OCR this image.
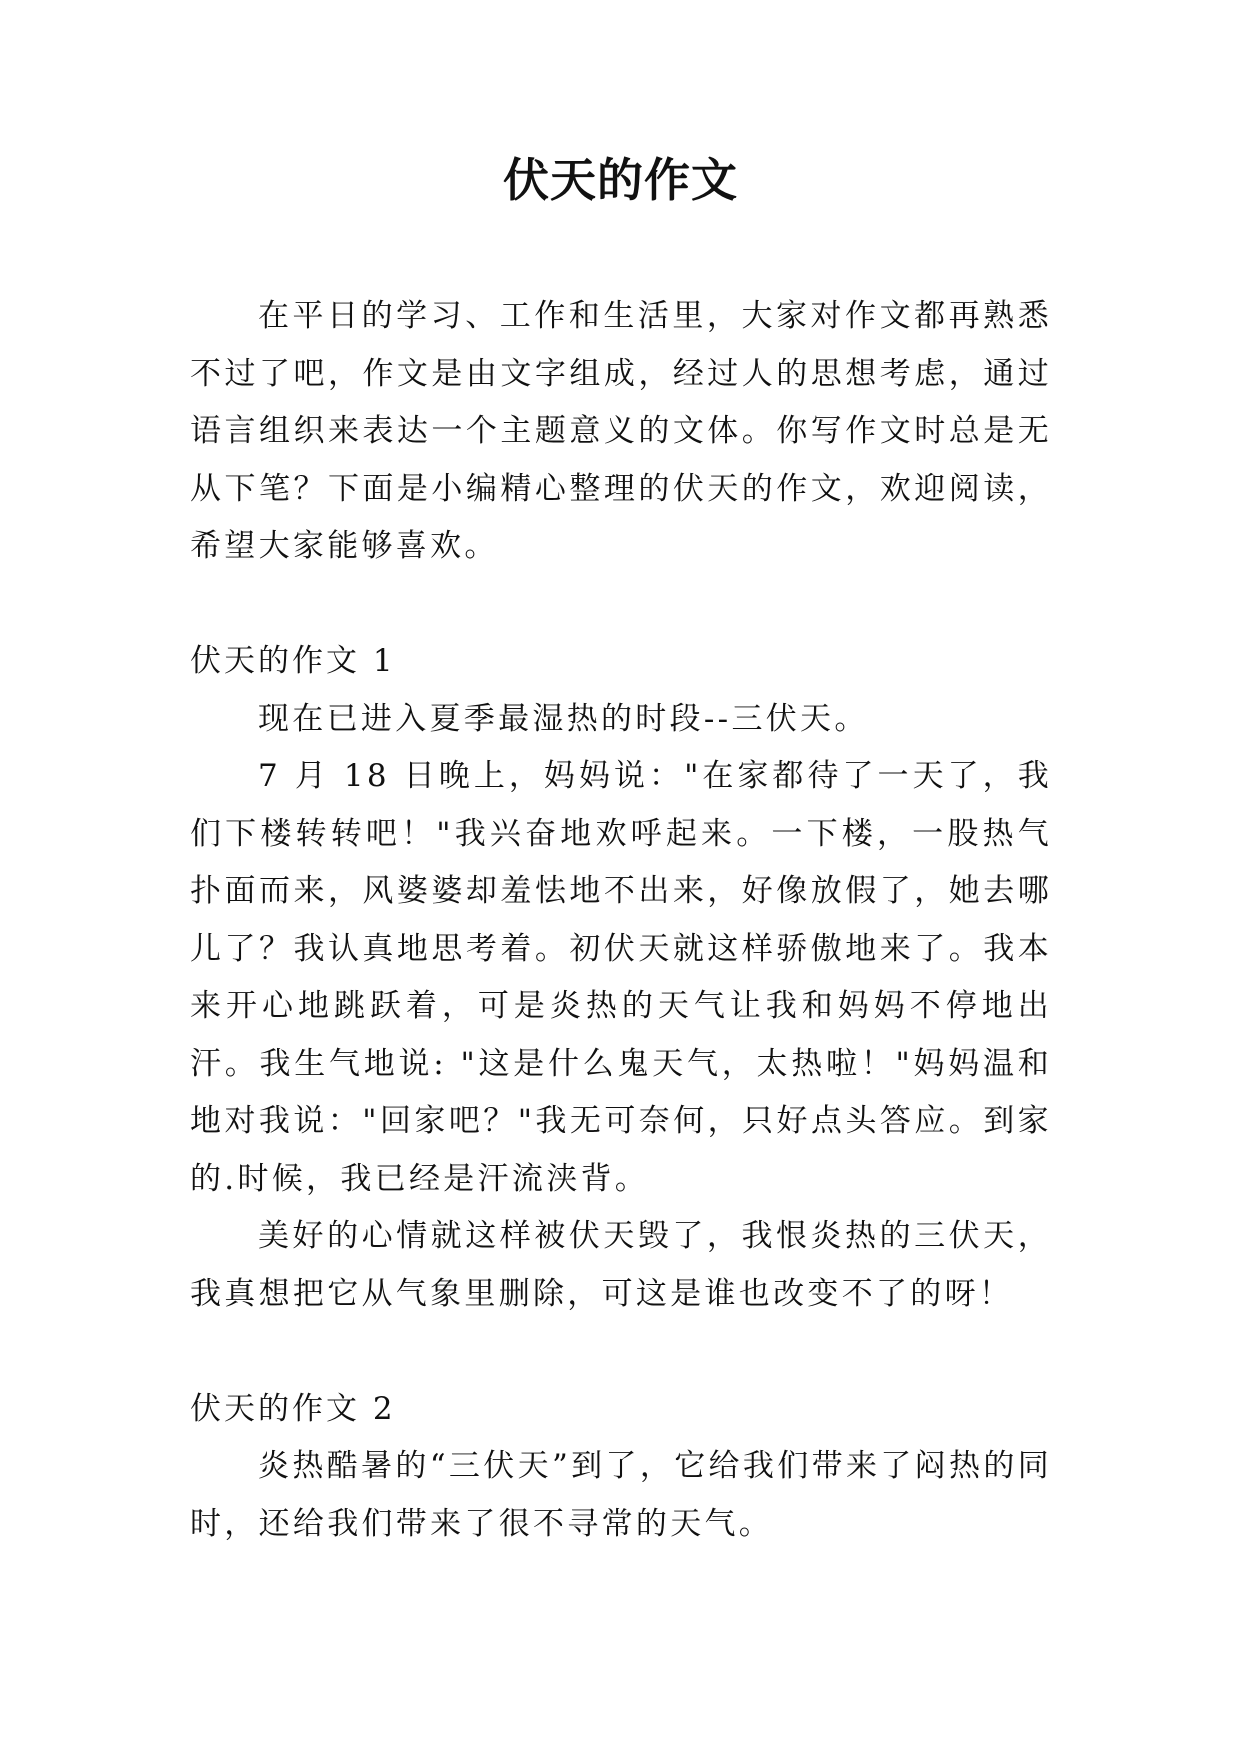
伏天的作文

在平日的学习、工作和生活里，大家对作文都再熟悉不过了吧，作文是由文字组成，经过人的思想考虑，通过语言组织来表达一个主题意义的文体。你写作文时总是无从下笔？下面是小编精心整理的伏天的作文，欢迎阅读，希望大家能够喜欢。

伏天的作文 1

现在已进入夏季最湿热的时段--三伏天。

7 月 18 日晚上，妈妈说："在家都待了一天了，我们下楼转转吧！"我兴奋地欢呼起来。一下楼，一股热气扑面而来，风婆婆却羞怯地不出来，好像放假了，她去哪儿了？我认真地思考着。初伏天就这样骄傲地来了。我本来开心地跳跃着，可是炎热的天气让我和妈妈不停地出汗。我生气地说: "这是什么鬼天气，太热啦！"妈妈温和地对我说："回家吧？"我无可奈何，只好点头答应。到家的.时候，我已经是汗流浃背。

美好的心情就这样被伏天毁了，我恨炎热的三伏天，我真想把它从气象里删除，可这是谁也改变不了的呀！

伏天的作文 2

炎热酷暑的“三伏天”到了，它给我们带来了闷热的同时，还给我们带来了很不寻常的天气。
